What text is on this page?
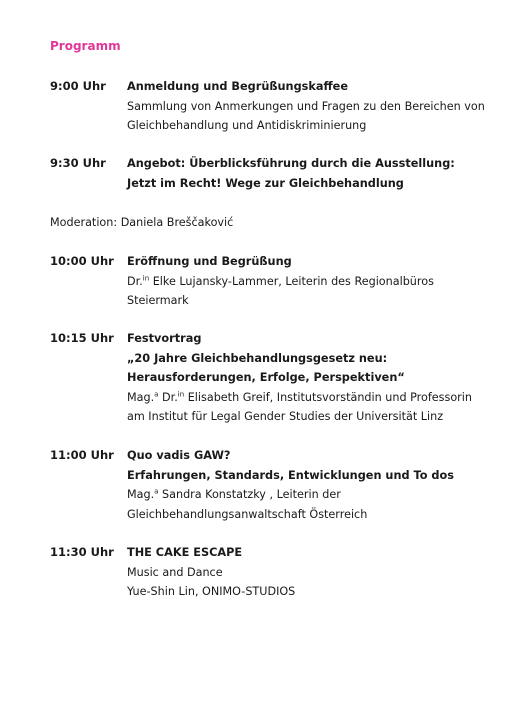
Programm
9:00 Uhr Anmeldung und Begrüßungskaffee
Sammlung von Anmerkungen und Fragen zu den Bereichen von
Gleichbehandlung und Antidiskriminierung
9:30 Uhr Angebot: Überblicksführung durch die Ausstellung:
Jetzt im Recht! Wege zur Gleichbehandlung
Moderation: Daniela Breščaković
10:00 Uhr Eröffnung und Begrüßung
Dr.$^{in}$ Elke Lujansky-Lammer, Leiterin des Regionalbüros
Steiermark
10:15 Uhr Festvortrag
„20 Jahre Gleichbehandlungsgesetz neu:
Herausforderungen, Erfolge, Perspektiven“
Mag.$^a$ Dr.$^{in}$ Elisabeth Greif, Institutsvorständin und Professorin
am Institut für Legal Gender Studies der Universität Linz
11:00 Uhr Quo vadis GAW?
Erfahrungen, Standards, Entwicklungen und To dos
Mag.$^a$ Sandra Konstatzky , Leiterin der
Gleichbehandlungsanwaltschaft Österreich
11:30 Uhr THE CAKE ESCAPE
Music and Dance
Yue-Shin Lin, ONIMO-STUDIOS
